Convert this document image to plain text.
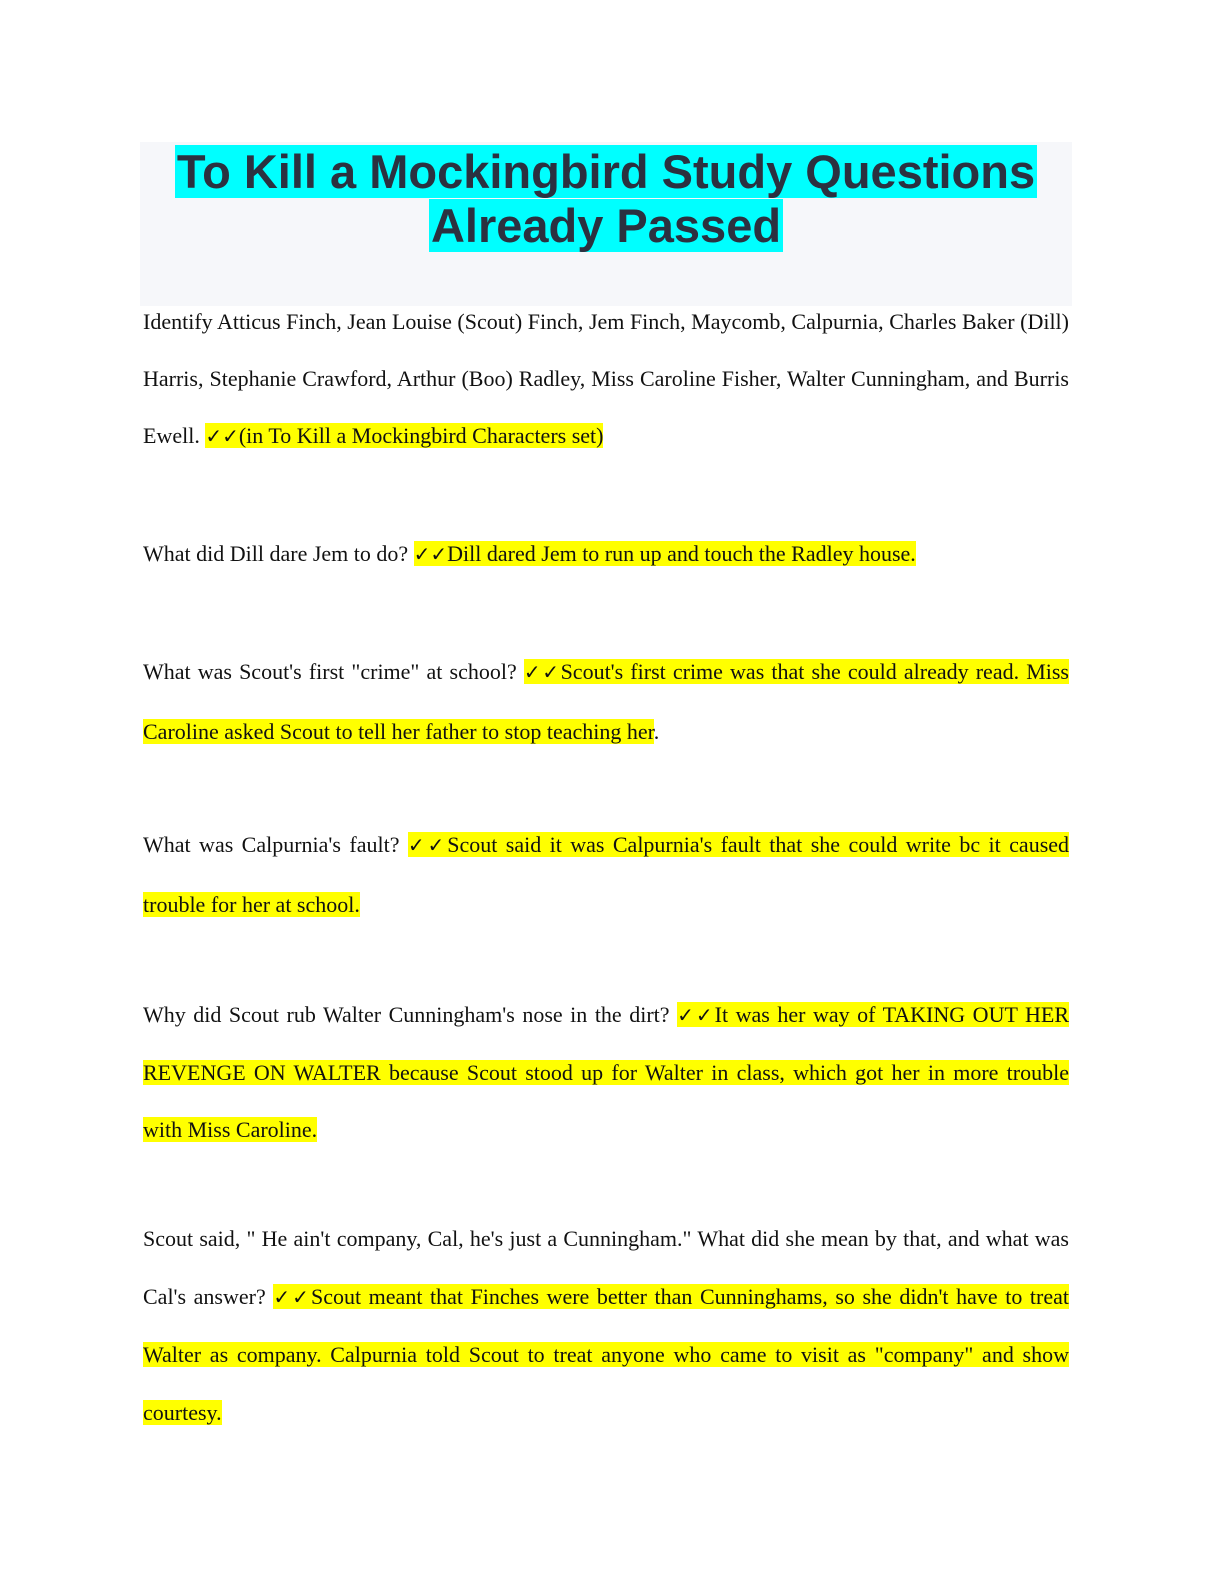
To Kill a Mockingbird Study Questions
Already Passed

Identify Atticus Finch, Jean Louise (Scout) Finch, Jem Finch, Maycomb, Calpurnia, Charles Baker (Dill) Harris, Stephanie Crawford, Arthur (Boo) Radley, Miss Caroline Fisher, Walter Cunningham, and Burris Ewell. ✓✓(in To Kill a Mockingbird Characters set)

What did Dill dare Jem to do? ✓✓Dill dared Jem to run up and touch the Radley house.

What was Scout's first "crime" at school? ✓✓Scout's first crime was that she could already read. Miss Caroline asked Scout to tell her father to stop teaching her.

What was Calpurnia's fault? ✓✓Scout said it was Calpurnia's fault that she could write bc it caused trouble for her at school.

Why did Scout rub Walter Cunningham's nose in the dirt? ✓✓It was her way of TAKING OUT HER REVENGE ON WALTER because Scout stood up for Walter in class, which got her in more trouble with Miss Caroline.

Scout said, " He ain't company, Cal, he's just a Cunningham." What did she mean by that, and what was Cal's answer? ✓✓Scout meant that Finches were better than Cunninghams, so she didn't have to treat Walter as company. Calpurnia told Scout to treat anyone who came to visit as "company" and show courtesy.
